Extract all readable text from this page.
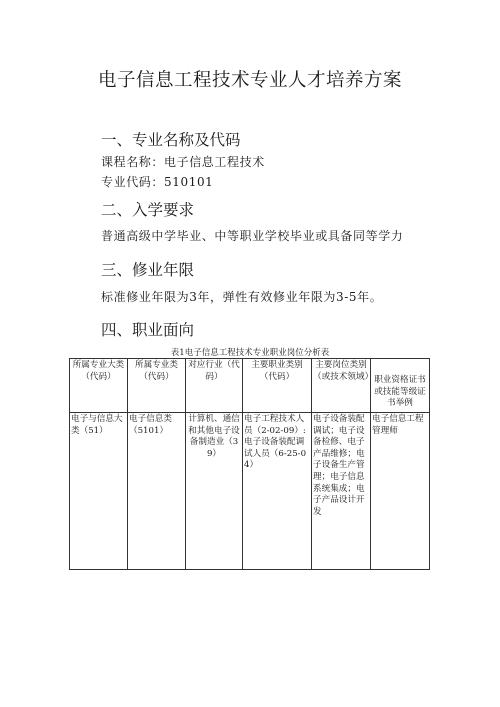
电子信息工程技术专业人才培养方案
一、专业名称及代码
课程名称：电子信息工程技术
专业代码：510101
二、入学要求
普通高级中学毕业、中等职业学校毕业或具备同等学力
三、修业年限
标准修业年限为3年，弹性有效修业年限为3-5年。
四、职业面向
表1电子信息工程技术专业职业岗位分析表
所属专业大类（代码）	所属专业类（代码）	对应行业（代码）	主要职业类别（代码）	主要岗位类别（或技术领域）	职业资格证书或技能等级证书举例
电子与信息大类（51）	电子信息类（5101）	计算机、通信和其他电子设备制造业（39）	电子工程技术人员（2-02-09）:电子设备装配调试人员（6-25-04）	电子设备装配调试；电子设备检修、电子产品维修；电子设备生产管理；电子信息系统集成；电子产品设计开发	电子信息工程管理师
